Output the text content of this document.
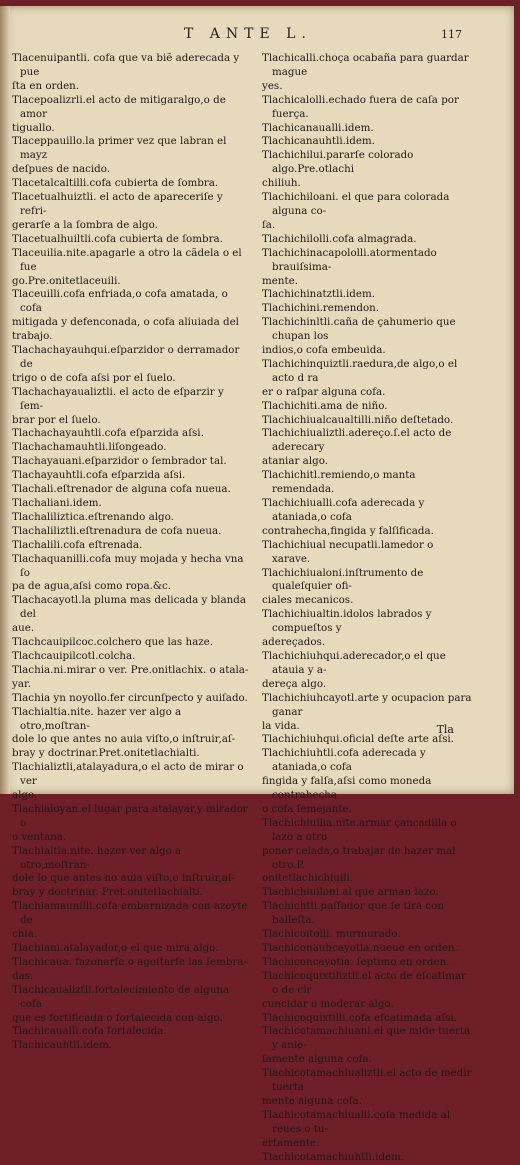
T ANTE L.	117
Tlacenuipantli. cofa que va biẽ aderecada y pue
ſta en orden.
Tlacepoalizrli.el acto de mitigaralgo,o de amor
tiguallo.
Tlaceppauillo.la primer vez que labran el mayz
deſpues de nacido.
Tlacetalcaltilli.cofa cubierta de ſombra.
Tlacetualhuiztli. el acto de apareceriſe y refri-
gerarſe a la ſombra de algo.
Tlacetualhuiltli.cofa cubierta de ſombra.
Tlaceuilia.nite.apagarle a otro la cãdela o el fue
go.Pre.onitetlaceuili.
Tlaceuilli.cofa enfriada,o cofa amatada, o cofa
mitigada y defenconada, o cofa aliuiada del
trabajo.
Tlachachayauhqui.eſparzidor o derramador de
trigo o de cofa aſsi por el ſuelo.
Tlachachayaualiztli. el acto de eſparzir y ſem-
brar por el ſuelo.
Tlachachayauhtli.cofa eſparzida aſsi.
Tlachachamauhtli.liſongeado.
Tlachayauani.eſparzidor o ſembrador tal.
Tlachayauhtli.cofa eſparzida aſsi.
Tlachali.eſtrenador de alguna cofa nueua.
Tlachaliani.idem.
Tlachaliliztica.eſtrenando algo.
Tlachaliliztli.eſtrenadura de cofa nueua.
Tlachalili.cofa eſtrenada.
Tlachaquanilli.cofa muy mojada y hecha vna ſo
pa de agua,aſsi como ropa.&c.
Tlachacayotl.la pluma mas delicada y blanda del
aue.
Tlachcauipilcoc.colchero que las haze.
Tlachcauipilcotl.colcha.
Tlachia.ni.mirar o ver. Pre.onitlachix. o atala-
yar.
Tlachia yn noyollo.fer circunſpecto y auiſado.
Tlachialtia.nite. hazer ver algo a otro,moſtran-
dole lo que antes no auia viſto,o inſtruir,aſ-
bray y doctrinar.Pret.onitetlachialti.
Tlachializtli,atalayadura,o el acto de mirar o ver
algo.
Tlachialoyan.el lugar para atalayar,y mirador o
o ventana.
Tlachialtia.nite. hazer ver algo a otro,moſtran-
dole lo que antes no auia viſto,o inſtruir,aſ-
bray y doctrinar. Pret.onitetlachialti.
Tlachiamaunilli.cofa embarnizada con azeyte de
chia.
Tlachiani.atalayador,o el que mira algo.
Tlachicaua. fazonarſe o agoſtarſe las ſembra-
das.
Tlachicaualiztli.fortalecimiento de alguna cofa
que es fortificada o fortalecida con algo.
Tlachicaualli.cofa fortalecida.
Tlachicauhtli.idem.
Tlachicalli.choça ocabaña para guardar maguе
yes.
Tlachicalolli.echado fuera de caſa por fuerça.
Tlachicanaualli.idem.
Tlachicanauhtli.idem.
Tlachichilui.pararſe colorado algo.Pre.otlachi
chiliuh.
Tlachichiloani. el que para colorada alguna co-
ſa.
Tlachichilolli.cofa almagrada.
Tlachichinacapololli.atormentado brauiſsima-
mente.
Tlachichinatztli.idem.
Tlachichini.remendon.
Tlachichinltli.caña de çahumerio que chupan los
indios,o cofa embeuida.
Tlachichinquiztli.raedura,de algo,o el acto d ra
er o raſpar alguna cofa.
Tlachichiti.ama de niño.
Tlachichiualcaualtilli.niño deſtetado.
Tlachichiualiztli.adereço.ſ.el acto de aderecary
ataniar algo.
Tlachichitl.remiendo,o manta remendada.
Tlachichiualli.cofa aderecada y ataniada,o cofa
contrahecha,fingida y falſificada.
Tlachichiual necupatli.lamedor o xarave.
Tlachichiualoni.inſtrumento de qualeſquier ofi-
ciales mecanicos.
Tlachichiualtin.idolos labrados y compueſtos y
adereçados.
Tlachichiuhqui.aderecador,o el que atauia y a-
dereça algo.
Tlachichiuhcayotl.arte y ocupacion para ganar
la vida.
Tlachichiuhqui.oficial deſte arte aſsi.
Tlachichiuhtli.cofa aderecada y ataniada,o cofa
fingida y falſa,aſsi como moneda contrahecha
o cofa ſemejante.
Tlachichiuilia.nite.armar çancadilla o lazo a otro
poner celada,o trabajar de hazer mal otro.P.
onitetlachichiuili.
Tlachichiuiloni.al que arman lazo.
Tlachichtli.paſſador que ſe tira con balleſta.
Tlachicoitolli. murmurado.
Tlachiconauhcayotia.nueue en orden.
Tlachiconcayotia. ſeptimo en orden.
Tlachicoquixtiliztli.el acto de eſcatimar o de cir
cuncidar o moderar algo.
Tlachicoquixtilli.cofa eſcatimada aſsi.
Tlachicotamachiuani.el que mide tuerta y anie-
ſamente alguna cofa.
Tlachicotamachiualiztli.el acto de medir tuerta
mente alguna cofa.
Tlachicotamachiualli.cofa medida al reues o tu-
ertamente.
Tlachicotamachiuhtli.idem.
Tla
